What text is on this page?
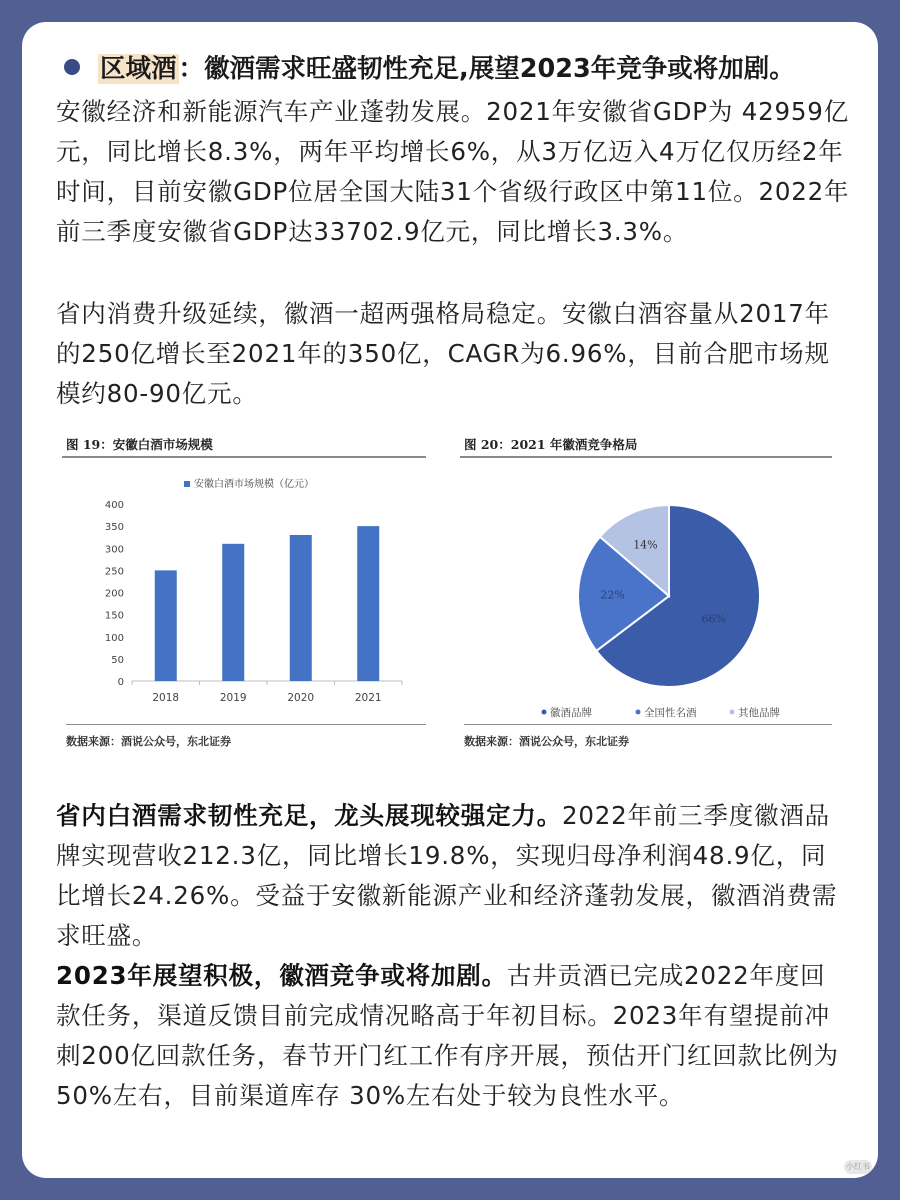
区域酒：徽酒需求旺盛韧性充足,展望2023年竞争或将加剧。
安徽经济和新能源汽车产业蓬勃发展。2021年安徽省GDP为 42959亿元，同比增长8.3%，两年平均增长6%，从3万亿迈入4万亿仅历经2年时间，目前安徽GDP位居全国大陆31个省级行政区中第11位。2022年前三季度安徽省GDP达33702.9亿元，同比增长3.3%。
省内消费升级延续，徽酒一超两强格局稳定。安徽白酒容量从2017年的250亿增长至2021年的350亿，CAGR为6.96%，目前合肥市场规模约80-90亿元。
图 19：安徽白酒市场规模
安徽白酒市场规模（亿元）
0
50
100
150
200
250
300
350
400
2018	2019	2020	2021
数据来源：酒说公众号，东北证券
图 20：2021 年徽酒竞争格局
66%
22%
14%
徽酒品牌	全国性名酒	其他品牌
数据来源：酒说公众号，东北证券
省内白酒需求韧性充足，龙头展现较强定力。2022年前三季度徽酒品牌实现营收212.3亿，同比增长19.8%，实现归母净利润48.9亿，同比增长24.26%。受益于安徽新能源产业和经济蓬勃发展，徽酒消费需求旺盛。
2023年展望积极，徽酒竞争或将加剧。古井贡酒已完成2022年度回款任务，渠道反馈目前完成情况略高于年初目标。2023年有望提前冲刺200亿回款任务，春节开门红工作有序开展，预估开门红回款比例为50%左右，目前渠道库存 30%左右处于较为良性水平。
小红书
